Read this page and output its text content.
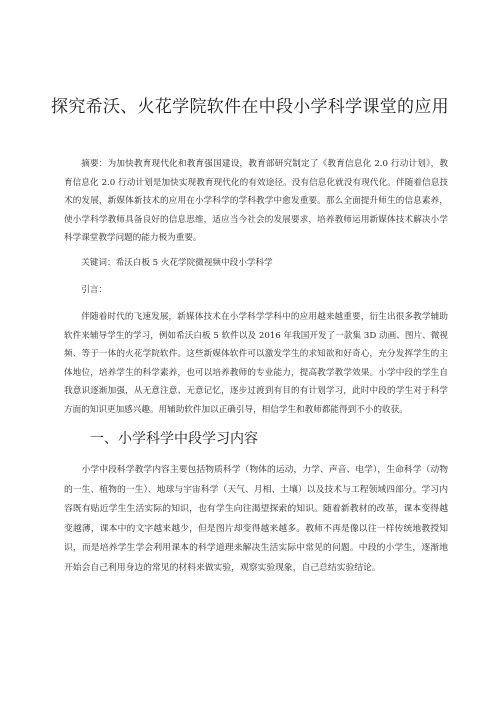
探究希沃、火花学院软件在中段小学科学课堂的应用
摘要：为加快教育现代化和教育强国建设，教育部研究制定了《教育信息化 2.0 行动计划》，教育信息化 2.0 行动计划是加快实现教育现代化的有效途径。没有信息化就没有现代化。伴随着信息技术的发展，新媒体新技术的应用在小学科学的学科教学中愈发重要。那么全面提升师生的信息素养，使小学科学教师具备良好的信息思维，适应当今社会的发展要求，培养教师运用新媒体技术解决小学科学课堂教学问题的能力极为重要。
关键词：希沃白板 5 火花学院微视频中段小学科学
引言：
伴随着时代的飞速发展，新媒体技术在小学科学学科中的应用越来越重要，衍生出很多教学辅助软件来辅导学生的学习，例如希沃白板 5 软件以及 2016 年我国开发了一款集 3D 动画、图片、微视频、等于一体的火花学院软件。这些新媒体软件可以激发学生的求知欲和好奇心，充分发挥学生的主体地位，培养学生的科学素养，也可以培养教师的专业能力，提高教学教学效果。小学中段的学生自我意识逐渐加强，从无意注意、无意记忆，逐步过渡到有目的有计划学习，此时中段的学生对于科学方面的知识更加感兴趣。用辅助软件加以正确引导，相信学生和教师都能得到不小的收获。
一、小学科学中段学习内容
小学中段科学教学内容主要包括物质科学（物体的运动，力学、声音、电学），生命科学（动物的一生、植物的一生）、地球与宇宙科学（天气、月相、土壤）以及技术与工程领域四部分。学习内容既有贴近学生生活实际的知识，也有学生向往渴望探索的知识。随着新教材的改革，课本变得越变越薄，课本中的文字越来越少，但是图片却变得越来越多。教师不再是像以往一样传统地教授知识，而是培养学生学会利用课本的科学道理来解决生活实际中常见的问题。中段的小学生，逐渐地开始会自己利用身边的常见的材料来做实验，观察实验现象，自己总结实验结论。
